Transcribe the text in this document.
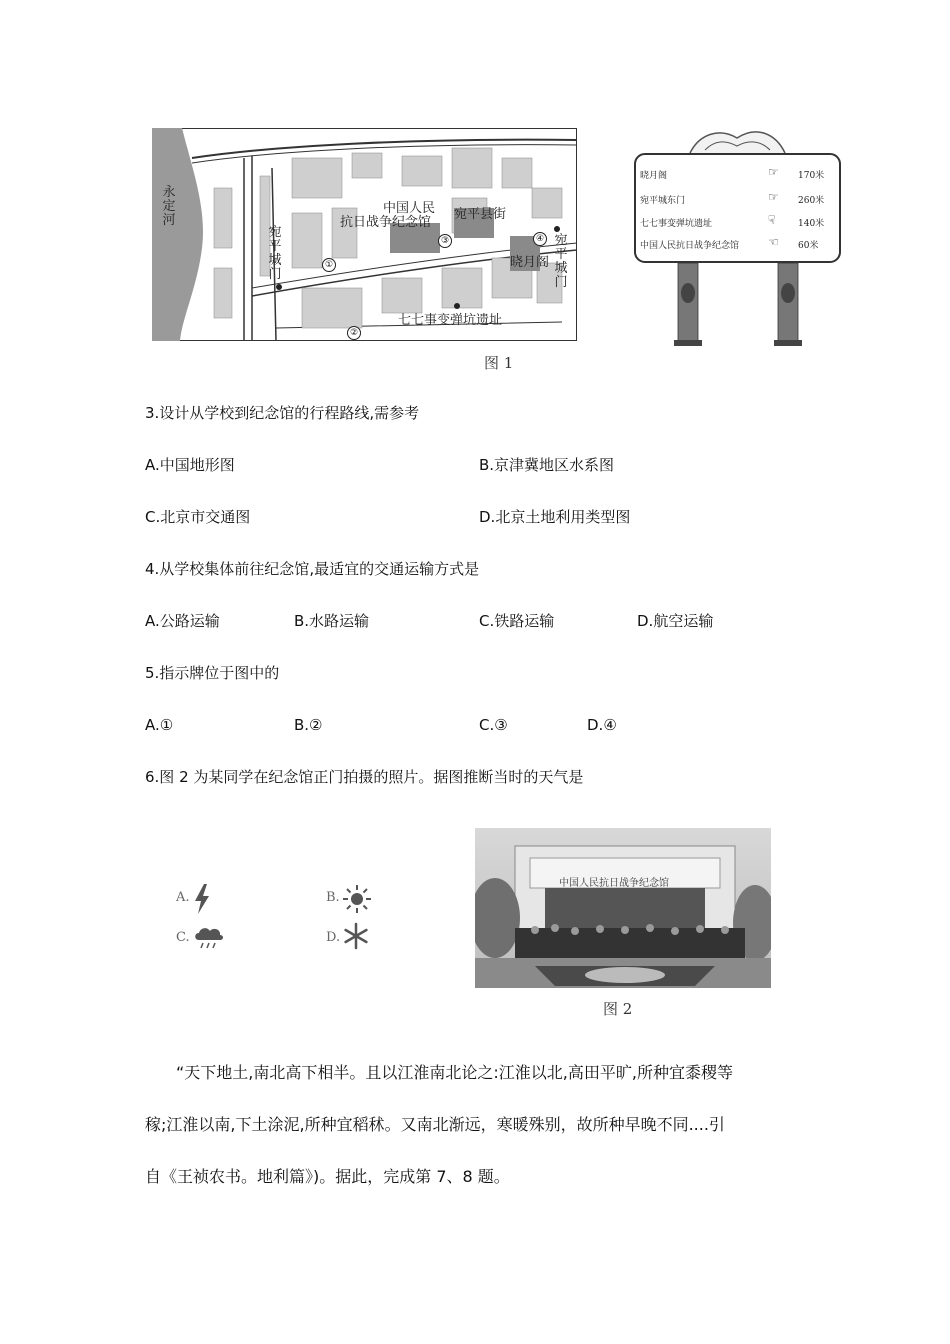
永定河
中国人民
抗日战争纪念馆
宛平县街
宛平城门
宛平城门
晓月阁
七七事变弹坑遗址
①
②
③	④
晓月阁	☞ 170米
宛平城东门	☞ 260米
七七事变弹坑遗址	☟	140米
中国人民抗日战争纪念馆 ☜ 60米
图 1
3.设计从学校到纪念馆的行程路线,需参考
A.中国地形图	B.京津冀地区水系图
C.北京市交通图	D.北京土地利用类型图
4.从学校集体前往纪念馆,最适宜的交通运输方式是
A.公路运输	B.水路运输	C.铁路运输	D.航空运输
5.指示牌位于图中的
A.①	B.②	C.③	D.④
6.图 2 为某同学在纪念馆正门拍摄的照片。据图推断当时的天气是
A.	B.
C.	D.
中国人民抗日战争纪念馆
图 2
“天下地土,南北高下相半。且以江淮南北论之:江淮以北,高田平旷,所种宜黍稷等
稼;江淮以南,下土涂泥,所种宜稻秫。又南北渐远，寒暖殊别，故所种早晚不同....引
自《王祯农书。地利篇》)。据此，完成第 7、8 题。
